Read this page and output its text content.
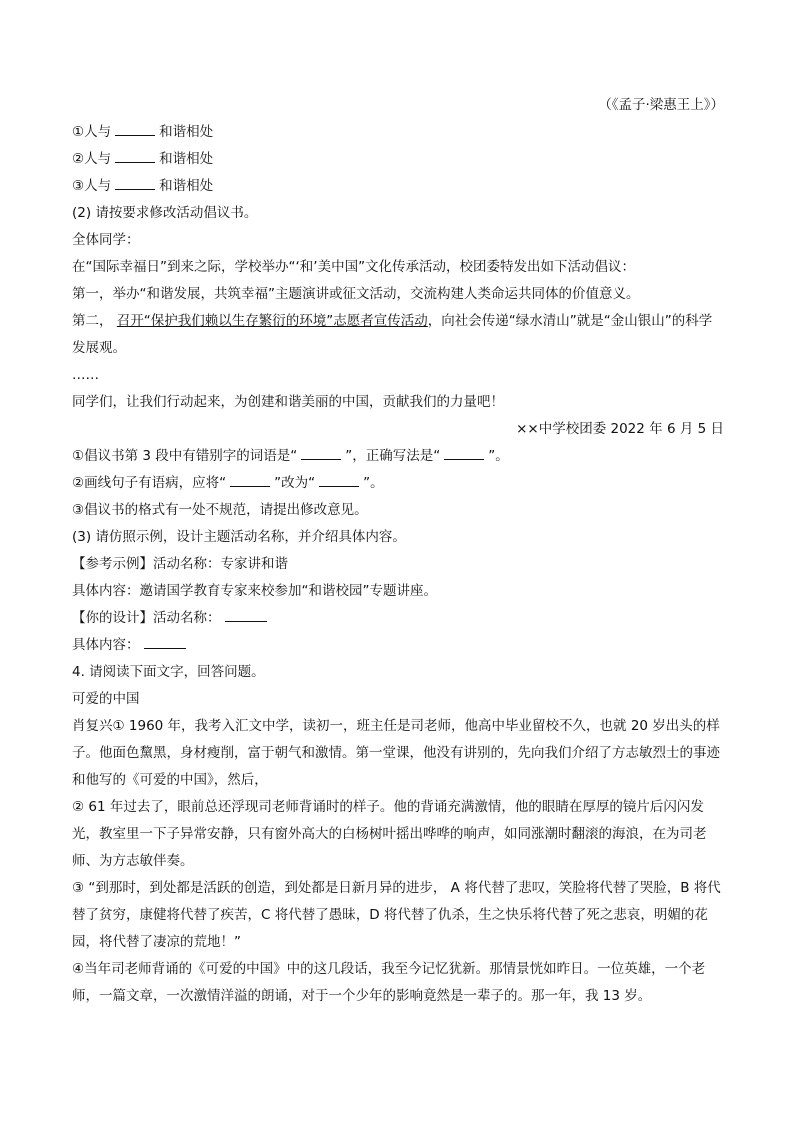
（《孟子·梁惠王上》）
①人与	和谐相处
②人与	和谐相处
③人与	和谐相处
(2) 请按要求修改活动倡议书。
全体同学：
在“国际幸福日”到来之际，学校举办“‘和’美中国”文化传承活动，校团委特发出如下活动倡议：
第一，举办“和谐发展，共筑幸福”主题演讲或征文活动，交流构建人类命运共同体的价值意义。
第二， 召开“保护我们赖以生存繁衍的环境”志愿者宣传活动，向社会传递“绿水清山”就是“金山银山”的科学发展观。
……
同学们，让我们行动起来，为创建和谐美丽的中国，贡献我们的力量吧！
××中学校团委 2022 年 6 月 5 日
①倡议书第 3 段中有错别字的词语是“	”，正确写法是“	”。
②画线句子有语病，应将“	”改为“	”。
③倡议书的格式有一处不规范，请提出修改意见。
(3) 请仿照示例，设计主题活动名称，并介绍具体内容。
【参考示例】活动名称：专家讲和谐
具体内容：邀请国学教育专家来校参加“和谐校园”专题讲座。
【你的设计】活动名称：
具体内容：
4. 请阅读下面文字，回答问题。
可爱的中国
肖复兴① 1960 年，我考入汇文中学，读初一，班主任是司老师，他高中毕业留校不久，也就 20 岁出头的样子。他面色黧黑，身材瘦削，富于朝气和激情。第一堂课，他没有讲别的，先向我们介绍了方志敏烈士的事迹和他写的《可爱的中国》，然后，
② 61 年过去了，眼前总还浮现司老师背诵时的样子。他的背诵充满激情，他的眼睛在厚厚的镜片后闪闪发光，教室里一下子异常安静，只有窗外高大的白杨树叶摇出哗哗的响声，如同涨潮时翻滚的海浪，在为司老师、为方志敏伴奏。
③ “到那时，到处都是活跃的创造，到处都是日新月异的进步， A 将代替了悲叹，笑脸将代替了哭脸，B 将代替了贫穷，康健将代替了疾苦，C 将代替了愚昧，D 将代替了仇杀，生之快乐将代替了死之悲哀，明媚的花园，将代替了凄凉的荒地！”
④当年司老师背诵的《可爱的中国》中的这几段话，我至今记忆犹新。那情景恍如昨日。一位英雄，一个老师，一篇文章，一次激情洋溢的朗诵，对于一个少年的影响竟然是一辈子的。那一年，我 13 岁。
